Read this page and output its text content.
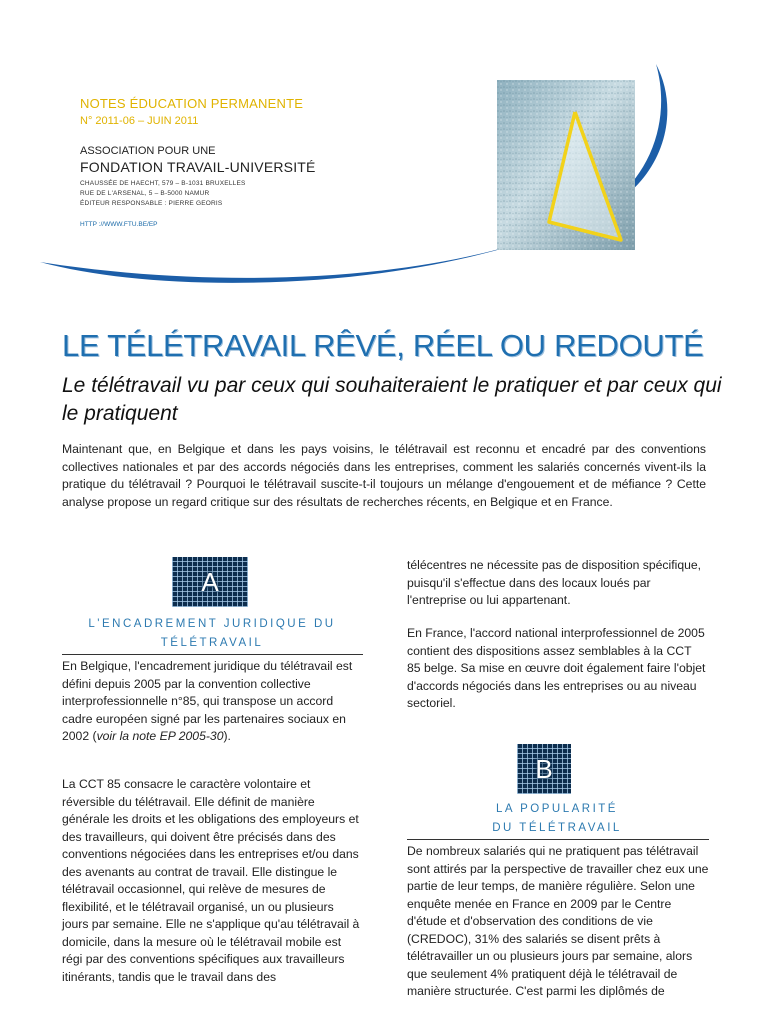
NOTES ÉDUCATION PERMANENTE
N° 2011-06 – JUIN 2011
ASSOCIATION POUR UNE
FONDATION TRAVAIL-UNIVERSITÉ
CHAUSSÉE DE HAECHT, 579 – B-1031 BRUXELLES
RUE DE L'ARSENAL, 5 – B-5000 NAMUR
ÉDITEUR RESPONSABLE : PIERRE GEORIS
HTTP ://WWW.FTU.BE/EP
LE TÉLÉTRAVAIL RÊVÉ, RÉEL OU REDOUTÉ
Le télétravail vu par ceux qui souhaiteraient le pratiquer et par ceux qui le pratiquent
Maintenant que, en Belgique et dans les pays voisins, le télétravail est reconnu et encadré par des conventions collectives nationales et par des accords négociés dans les entreprises, comment les salariés concernés vivent-ils la pratique du télétravail ? Pourquoi le télétravail suscite-t-il toujours un mélange d'engouement et de méfiance ? Cette analyse propose un regard critique sur des résultats de recherches récents, en Belgique et en France.
A
L'ENCADREMENT JURIDIQUE DU
TÉLÉTRAVAIL

En Belgique, l'encadrement juridique du télétravail est défini depuis 2005 par la convention collective interprofessionnelle n°85, qui transpose un accord cadre européen signé par les partenaires sociaux en 2002 (voir la note EP 2005-30).

La CCT 85 consacre le caractère volontaire et réversible du télétravail. Elle définit de manière générale les droits et les obligations des employeurs et des travailleurs, qui doivent être précisés dans des conventions négociées dans les entreprises et/ou dans des avenants au contrat de travail. Elle distingue le télétravail occasionnel, qui relève de mesures de flexibilité, et le télétravail organisé, un ou plusieurs jours par semaine. Elle ne s'applique qu'au télétravail à domicile, dans la mesure où le télétravail mobile est régi par des conventions spécifiques aux travailleurs itinérants, tandis que le travail dans des

télécentres ne nécessite pas de disposition spécifique, puisqu'il s'effectue dans des locaux loués par l'entreprise ou lui appartenant.

En France, l'accord national interprofessionnel de 2005 contient des dispositions assez semblables à la CCT 85 belge. Sa mise en œuvre doit également faire l'objet d'accords négociés dans les entreprises ou au niveau sectoriel.

B
LA POPULARITÉ
DU TÉLÉTRAVAIL

De nombreux salariés qui ne pratiquent pas télétravail sont attirés par la perspective de travailler chez eux une partie de leur temps, de manière régulière. Selon une enquête menée en France en 2009 par le Centre d'étude et d'observation des conditions de vie (CREDOC), 31% des salariés se disent prêts à télétravailler un ou plusieurs jours par semaine, alors que seulement 4% pratiquent déjà le télétravail de manière structurée. C'est parmi les diplômés de
